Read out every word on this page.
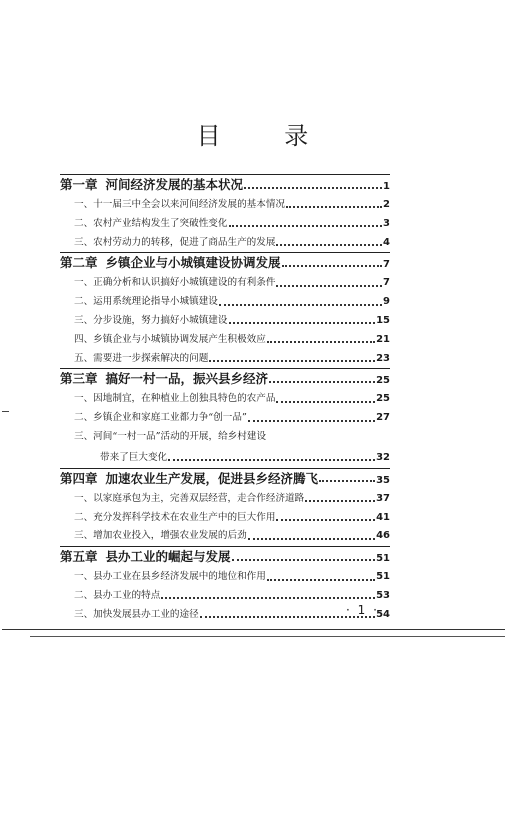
目 录
第一章 河间经济发展的基本状况	1
一、十一届三中全会以来河间经济发展的基本情况	2
二、农村产业结构发生了突破性变化	3
三、农村劳动力的转移，促进了商品生产的发展	4
第二章 乡镇企业与小城镇建设协调发展	7
一、正确分析和认识搞好小城镇建设的有利条件	7
二、运用系统理论指导小城镇建设	9
三、分步设施，努力搞好小城镇建设	15
四、乡镇企业与小城镇协调发展产生积极效应	21
五、需要进一步探索解决的问题	23
第三章 搞好一村一品，振兴县乡经济	25
一、因地制宜，在种植业上创独具特色的农产品	25
二、乡镇企业和家庭工业都力争“创一品”	27
三、河间“一村一品”活动的开展，给乡村建设
带来了巨大变化	32
第四章 加速农业生产发展，促进县乡经济腾飞	35
一、以家庭承包为主，完善双层经营，走合作经济道路	37
二、充分发挥科学技术在农业生产中的巨大作用	41
三、增加农业投入，增强农业发展的后劲	46
第五章 县办工业的崛起与发展	51
一、县办工业在县乡经济发展中的地位和作用	51
二、县办工业的特点	53
三、加快发展县办工业的途径	54
· 1 ·
